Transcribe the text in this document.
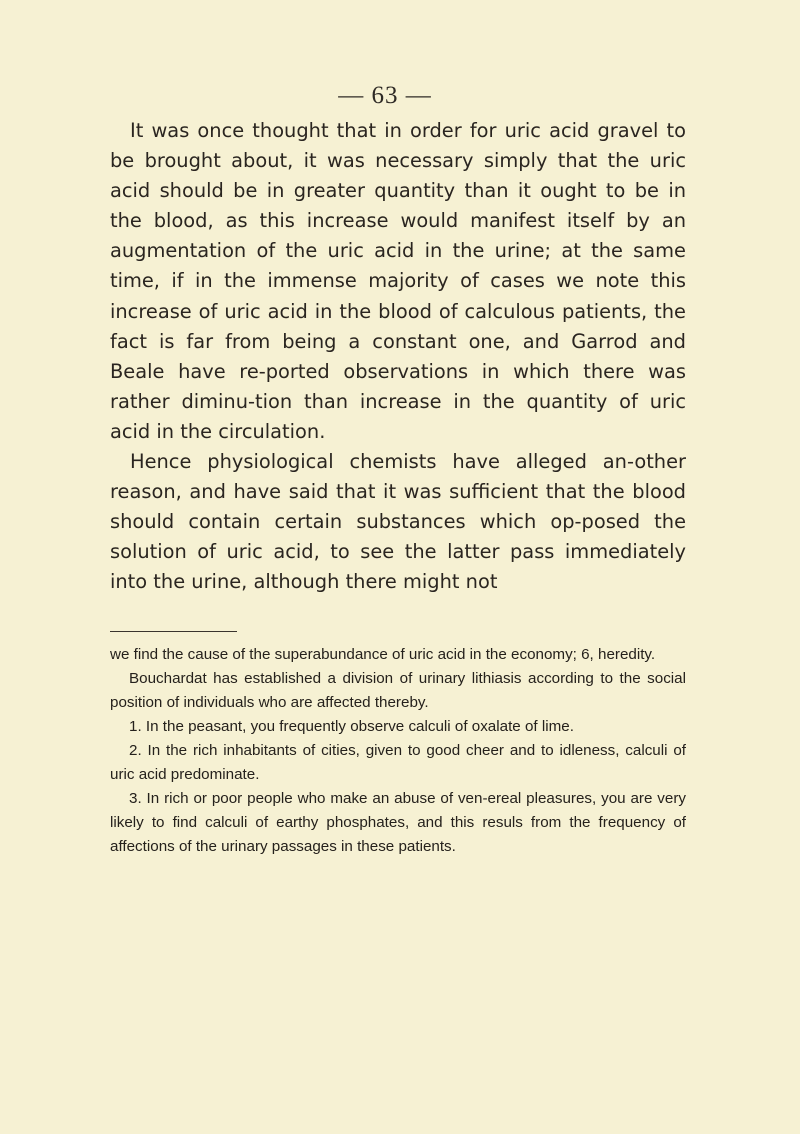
— 63 —

It was once thought that in order for uric acid gravel to be brought about, it was necessary simply that the uric acid should be in greater quantity than it ought to be in the blood, as this increase would manifest itself by an augmentation of the uric acid in the urine; at the same time, if in the immense majority of cases we note this increase of uric acid in the blood of calculous patients, the fact is far from being a constant one, and Garrod and Beale have re-ported observations in which there was rather diminu-tion than increase in the quantity of uric acid in the circulation.

Hence physiological chemists have alleged an-other reason, and have said that it was sufficient that the blood should contain certain substances which op-posed the solution of uric acid, to see the latter pass immediately into the urine, although there might not

we find the cause of the superabundance of uric acid in the economy; 6, heredity.

Bouchardat has established a division of urinary lithiasis according to the social position of individuals who are affected thereby.

1. In the peasant, you frequently observe calculi of oxalate of lime.

2. In the rich inhabitants of cities, given to good cheer and to idleness, calculi of uric acid predominate.

3. In rich or poor people who make an abuse of ven-ereal pleasures, you are very likely to find calculi of earthy phosphates, and this resuls from the frequency of affections of the urinary passages in these patients.
